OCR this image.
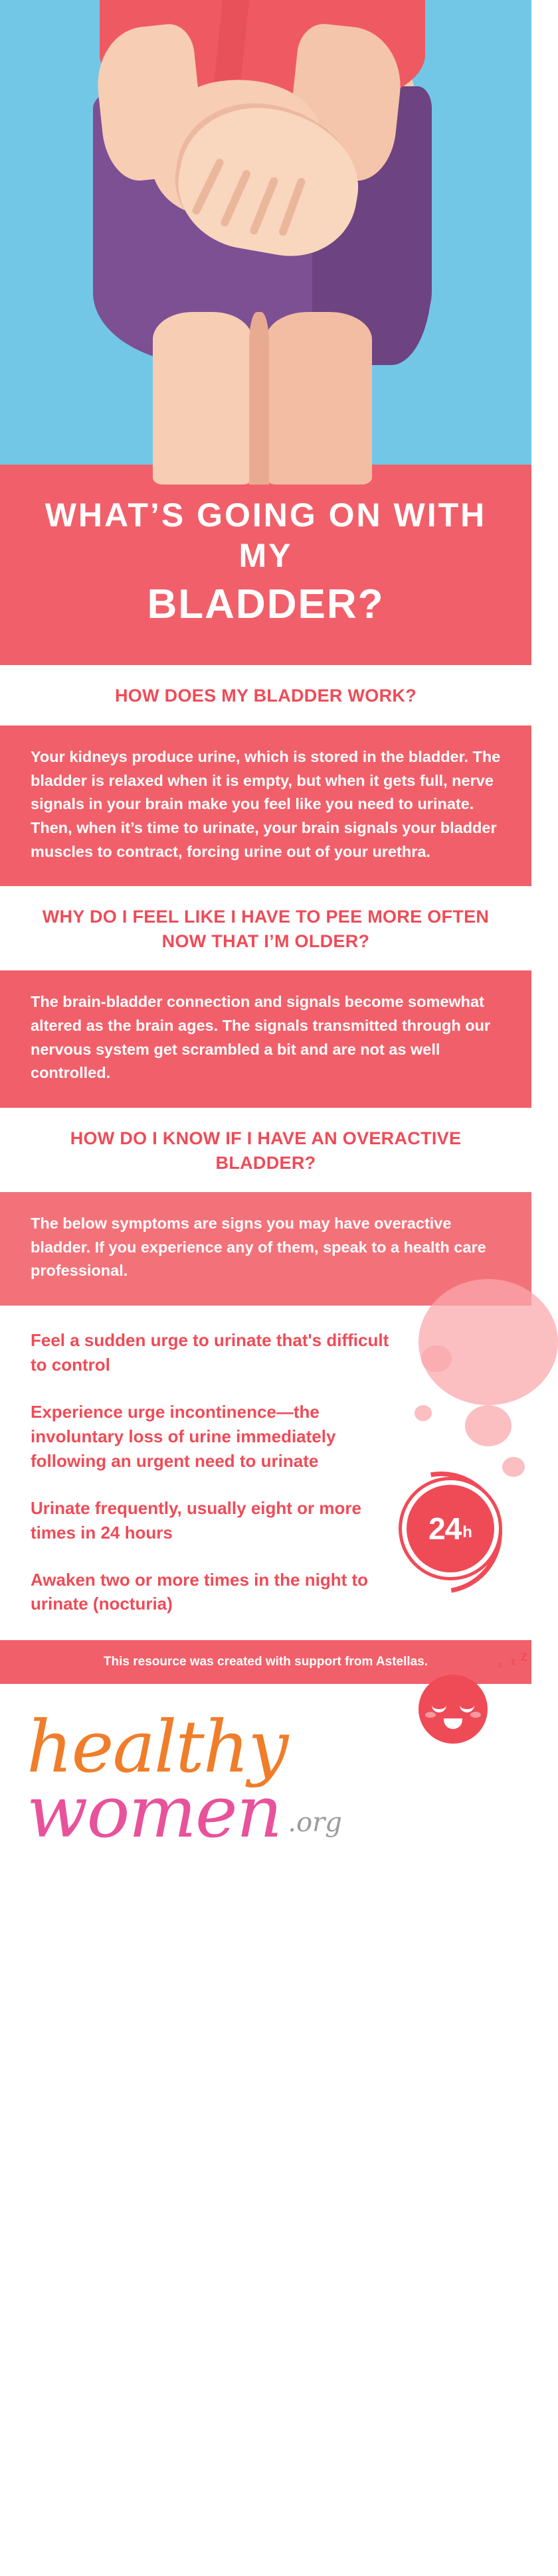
WHAT’S GOING ON WITH MY
BLADDER?
HOW DOES MY BLADDER WORK?
Your kidneys produce urine, which is stored in the bladder. The bladder is relaxed when it is empty, but when it gets full, nerve signals in your brain make you feel like you need to urinate. Then, when it’s time to urinate, your brain signals your bladder muscles to contract, forcing urine out of your urethra.
WHY DO I FEEL LIKE I HAVE TO PEE MORE OFTEN NOW THAT I’M OLDER?
The brain-bladder connection and signals become somewhat altered as the brain ages. The signals transmitted through our nervous system get scrambled a bit and are not as well controlled.
HOW DO I KNOW IF I HAVE AN OVERACTIVE BLADDER?
The below symptoms are signs you may have overactive bladder. If you experience any of them, speak to a health care professional.
24 h
Z
z
z
Feel a sudden urge to urinate that's difficult to control
Experience urge incontinence—the involuntary loss of urine immediately following an urgent need to urinate
Urinate frequently, usually eight or more times in 24 hours
Awaken two or more times in the night to urinate (nocturia)
This resource was created with support from Astellas.
healthy
women .org
